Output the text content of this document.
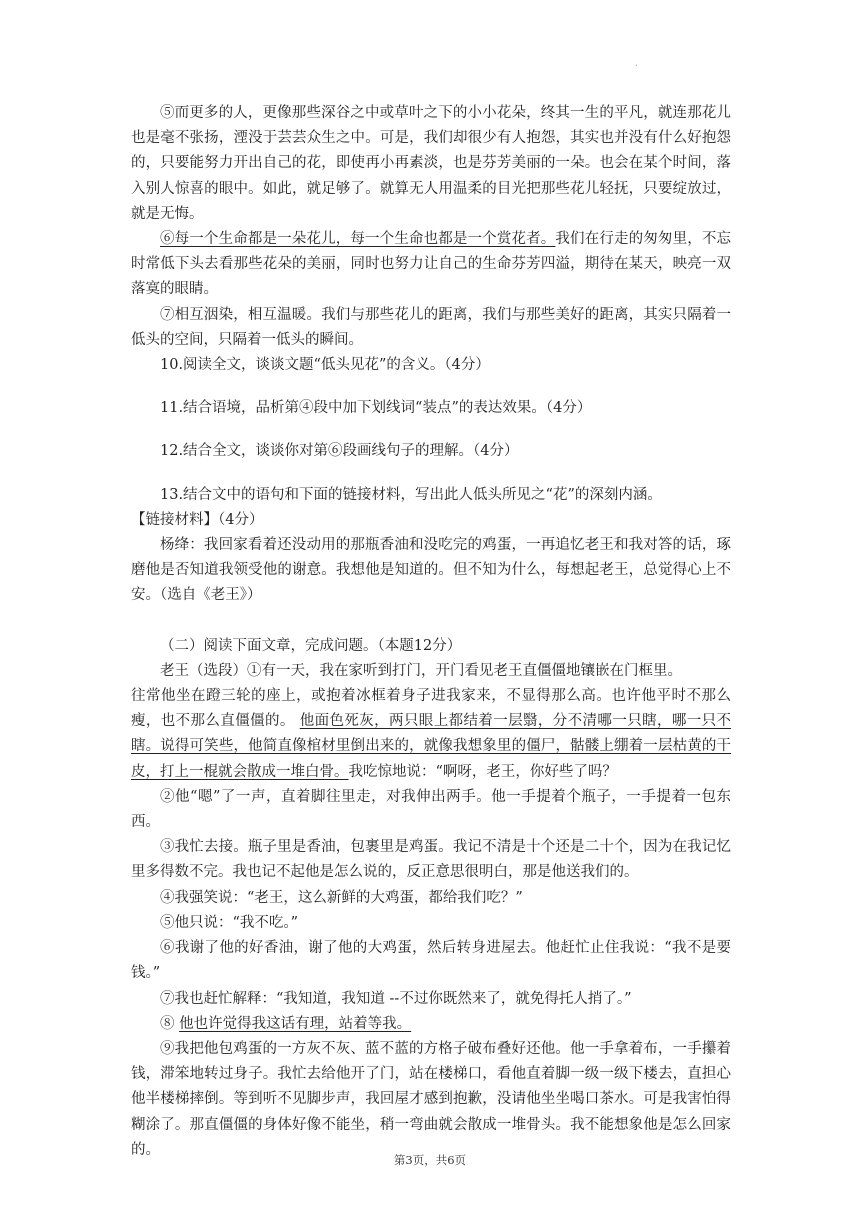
.

⑤而更多的人，更像那些深谷之中或草叶之下的小小花朵，终其一生的平凡，就连那花儿也是毫不张扬，湮没于芸芸众生之中。可是，我们却很少有人抱怨，其实也并没有什么好抱怨的，只要能努力开出自己的花，即使再小再素淡，也是芬芳美丽的一朵。也会在某个时间，落入别人惊喜的眼中。如此，就足够了。就算无人用温柔的目光把那些花儿轻抚，只要绽放过，就是无悔。

⑥每一个生命都是一朵花儿，每一个生命也都是一个赏花者。我们在行走的匆匆里，不忘时常低下头去看那些花朵的美丽，同时也努力让自己的生命芬芳四溢，期待在某天，映亮一双落寞的眼睛。

⑦相互洇染，相互温暖。我们与那些花儿的距离，我们与那些美好的距离，其实只隔着一低头的空间，只隔着一低头的瞬间。

10.阅读全文，谈谈文题“低头见花”的含义。（4分）

11.结合语境，品析第④段中加下划线词“装点”的表达效果。（4分）

12.结合全文，谈谈你对第⑥段画线句子的理解。（4分）

13.结合文中的语句和下面的链接材料，写出此人低头所见之“花”的深刻内涵。

【链接材料】（4分）

杨绛：我回家看着还没动用的那瓶香油和没吃完的鸡蛋，一再追忆老王和我对答的话，琢磨他是否知道我领受他的谢意。我想他是知道的。但不知为什么，每想起老王，总觉得心上不安。（选自《老王》）

（二）阅读下面文章，完成问题。（本题12分）

老王（选段）①有一天，我在家听到打门，开门看见老王直僵僵地镶嵌在门框里。

往常他坐在蹬三轮的座上，或抱着冰框着身子进我家来，不显得那么高。也许他平时不那么瘦，也不那么直僵僵的。 他面色死灰，两只眼上都结着一层翳，分不清哪一只瞎，哪一只不瞎。说得可笑些，他简直像棺材里倒出来的，就像我想象里的僵尸，骷髅上绷着一层枯黄的干皮，打上一棍就会散成一堆白骨。我吃惊地说：“啊呀，老王，你好些了吗？

②他“嗯”了一声，直着脚往里走，对我伸出两手。他一手提着个瓶子，一手提着一包东西。

③我忙去接。瓶子里是香油，包裹里是鸡蛋。我记不清是十个还是二十个，因为在我记忆里多得数不完。我也记不起他是怎么说的，反正意思很明白，那是他送我们的。

④我强笑说：“老王，这么新鲜的大鸡蛋，都给我们吃？”

⑤他只说：“我不吃。”

⑥我谢了他的好香油，谢了他的大鸡蛋，然后转身进屋去。他赶忙止住我说：“我不是要钱。”

⑦我也赶忙解释：“我知道，我知道 --不过你既然来了，就免得托人捎了。”

⑧ 他也许觉得我这话有理，站着等我。

⑨我把他包鸡蛋的一方灰不灰、蓝不蓝的方格子破布叠好还他。他一手拿着布，一手攥着钱，滞笨地转过身子。我忙去给他开了门，站在楼梯口，看他直着脚一级一级下楼去，直担心他半楼梯摔倒。等到听不见脚步声，我回屋才感到抱歉，没请他坐坐喝口茶水。可是我害怕得糊涂了。那直僵僵的身体好像不能坐，稍一弯曲就会散成一堆骨头。我不能想象他是怎么回家的。

第3页，共6页
